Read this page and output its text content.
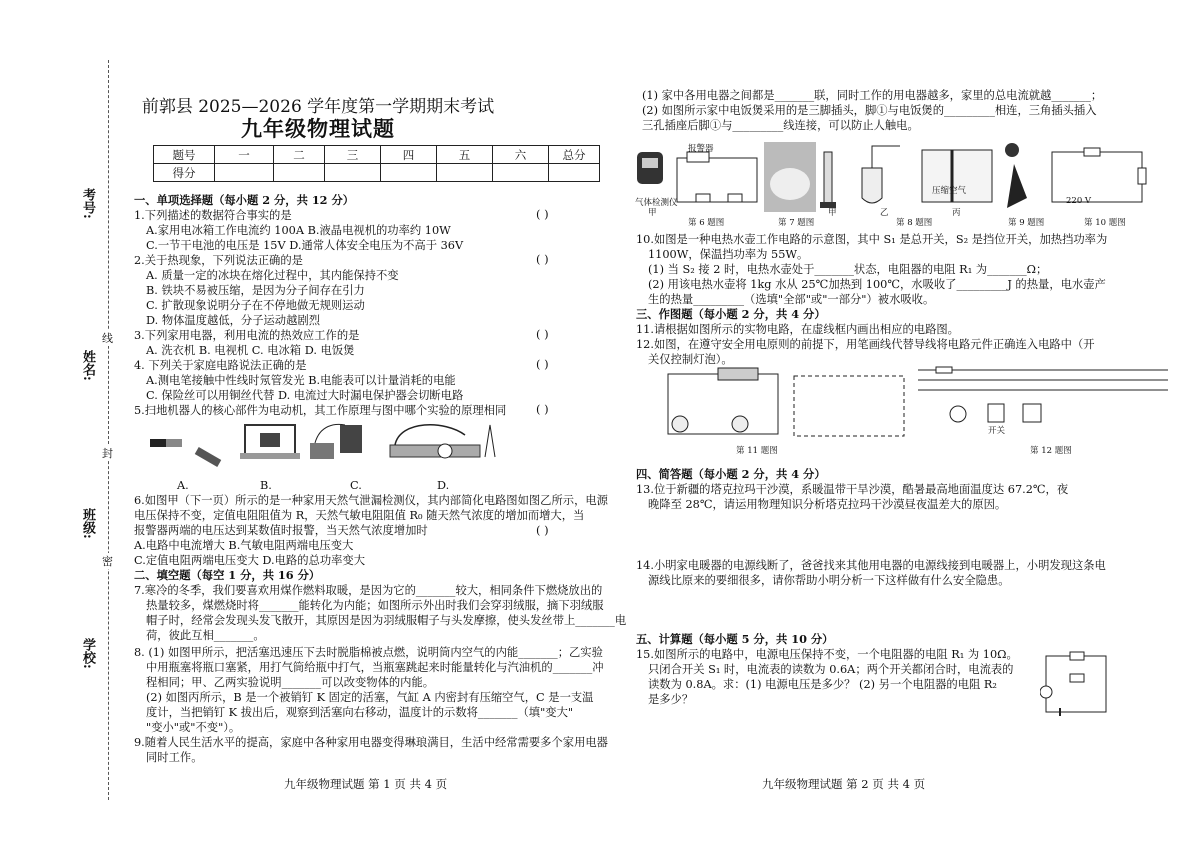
考号:
姓名:
班级:
学校:
线
封
密
前郭县 2025—2026 学年度第一学期期末考试
九年级物理试题
题号	一	二	三	四	五	六	总分
得分							
一、单项选择题（每小题 2 分，共 12 分）
1.下列描述的数据符合事实的是
A.家用电冰箱工作电流约 100A B.液晶电视机的功率约 10W
C.一节干电池的电压是 15V D.通常人体安全电压为不高于 36V
2.关于热现象，下列说法正确的是
A. 质量一定的冰块在熔化过程中，其内能保持不变
B. 铁块不易被压缩，是因为分子间存在引力
C. 扩散现象说明分子在不停地做无规则运动
D. 物体温度越低，分子运动越剧烈
3.下列家用电器，利用电流的热效应工作的是
A. 洗衣机 B. 电视机 C. 电冰箱 D. 电饭煲
4. 下列关于家庭电路说法正确的是
A.测电笔接触中性线时氖管发光 B.电能表可以计量消耗的电能
C. 保险丝可以用铜丝代替 D. 电流过大时漏电保护器会切断电路
5.扫地机器人的核心部件为电动机，其工作原理与图中哪个实验的原理相同
( )
( )
( )
( )
( )
( )
A.	B.	C.	D.
6.如图甲（下一页）所示的是一种家用天然气泄漏检测仪，其内部简化电路图如图乙所示，电源
电压保持不变，定值电阻阻值为 R，天然气敏电阻阻值 R₀ 随天然气浓度的增加而增大，当
报警器两端的电压达到某数值时报警，当天然气浓度增加时
A.电路中电流增大 B.气敏电阻两端电压变大
C.定值电阻两端电压变大 D.电路的总功率变大
二、填空题（每空 1 分，共 16 分）
7.寒冷的冬季，我们要喜欢用煤作燃料取暖，是因为它的_______较大，相同条件下燃烧放出的
热量较多，煤燃烧时将_______能转化为内能；如图所示外出时我们会穿羽绒服，摘下羽绒服
帽子时，经常会发现头发飞散开，其原因是因为羽绒服帽子与头发摩擦，使头发丝带上_______电
荷，彼此互相_______。
8. (1) 如图甲所示，把活塞迅速压下去时脱脂棉被点燃，说明筒内空气的内能_______；乙实验
中用瓶塞将瓶口塞紧，用打气筒给瓶中打气，当瓶塞跳起来时能量转化与汽油机的_______冲
程相同；甲、乙两实验说明_______可以改变物体的内能。
(2) 如图丙所示，B 是一个被销钉 K 固定的活塞，气缸 A 内密封有压缩空气，C 是一支温
度计，当把销钉 K 拔出后，观察到活塞向右移动，温度计的示数将_______（填"变大"
"变小"或"不变"）。
9.随着人民生活水平的提高，家庭中各种家用电器变得琳琅满目，生活中经常需要多个家用电器
同时工作。
九年级物理试题 第 1 页 共 4 页
(1) 家中各用电器之间都是_______联，同时工作的用电器越多，家里的总电流就越_______；
(2) 如图所示家中电饭煲采用的是三脚插头，脚①与电饭煲的_________相连，三角插头插入
三孔插座后脚①与_________线连接，可以防止人触电。
气体检测仪
甲
报警器
第 6 题图	第 7 题图
甲	乙	丙
压缩空气
第 8 题图	第 9 题图
220 V
第 10 题图
10.如图是一种电热水壶工作电路的示意图，其中 S₁ 是总开关，S₂ 是挡位开关，加热挡功率为
1100W，保温挡功率为 55W。
(1) 当 S₂ 接 2 时，电热水壶处于_______状态，电阻器的电阻 R₁ 为_______Ω；
(2) 用该电热水壶将 1kg 水从 25℃加热到 100℃，水吸收了_________J 的热量，电水壶产
生的热量_________（选填"全部"或"一部分"）被水吸收。
三、作图题（每小题 2 分，共 4 分）
11.请根据如图所示的实物电路，在虚线框内画出相应的电路图。
12.如图，在遵守安全用电原则的前提下，用笔画线代替导线将电路元件正确连入电路中（开
关仅控制灯泡）。
第 11 题图
开关
第 12 题图
四、简答题（每小题 2 分，共 4 分）
13.位于新疆的塔克拉玛干沙漠，系暖温带干旱沙漠，酷暑最高地面温度达 67.2℃，夜
晚降至 28℃，请运用物理知识分析塔克拉玛干沙漠昼夜温差大的原因。
14.小明家电暖器的电源线断了，爸爸找来其他用电器的电源线接到电暖器上，小明发现这条电
源线比原来的要细很多，请你帮助小明分析一下这样做有什么安全隐患。
五、计算题（每小题 5 分，共 10 分）
15.如图所示的电路中，电源电压保持不变，一个电阻器的电阻 R₁ 为 10Ω。
只闭合开关 S₁ 时，电流表的读数为 0.6A；两个开关都闭合时，电流表的
读数为 0.8A。求：(1) 电源电压是多少？ (2) 另一个电阻器的电阻 R₂
是多少？
九年级物理试题 第 2 页 共 4 页
